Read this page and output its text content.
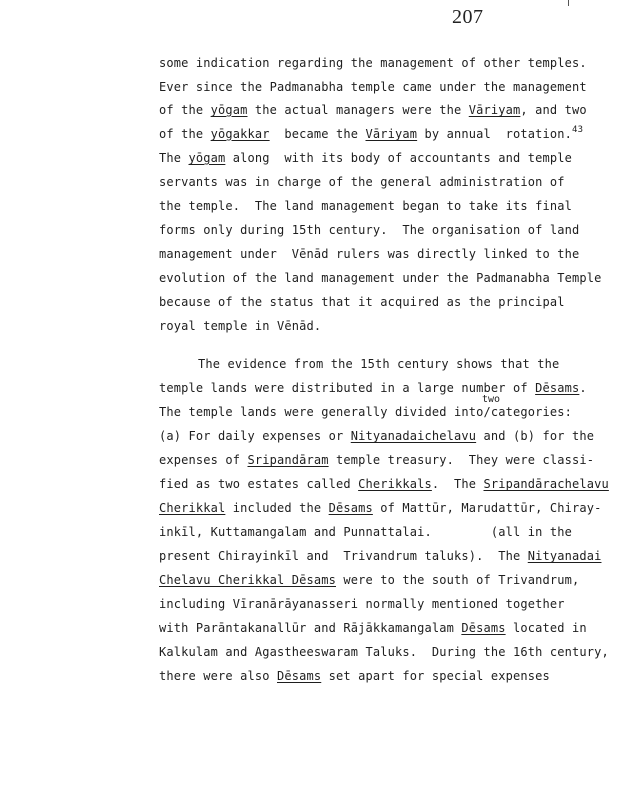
207
some indication regarding the management of other temples.
Ever since the Padmanabha temple came under the management
of the yōgam the actual managers were the Vāriyam, and two
of the yōgakkar  became the Vāriyam by annual  rotation.$^{43}$
The yōgam along  with its body of accountants and temple
servants was in charge of the general administration of
the temple.  The land management began to take its final
forms only during 15th century.  The organisation of land
management under  Vēnād rulers was directly linked to the
evolution of the land management under the Padmanabha Temple
because of the status that it acquired as the principal
royal temple in Vēnād.
The evidence from the 15th century shows that the
temple lands were distributed in a large number of Dēsams.
two
The temple lands were generally divided into/categories:
(a) For daily expenses or Nityanadaichelavu and (b) for the
expenses of Sripandāram temple treasury.  They were classi-
fied as two estates called Cherikkals.  The Sripandārachelavu
Cherikkal included the Dēsams of Mattūr, Marudattūr, Chiray-
inkīl, Kuttamangalam and Punnattalai.        (all in the
present Chirayinkīl and  Trivandrum taluks).  The Nityanadai
Chelavu Cherikkal Dēsams were to the south of Trivandrum,
including Vīranārāyanasseri normally mentioned together
with Parāntakanallūr and Rājākkamangalam Dēsams located in
Kalkulam and Agastheeswaram Taluks.  During the 16th century,
there were also Dēsams set apart for special expenses
